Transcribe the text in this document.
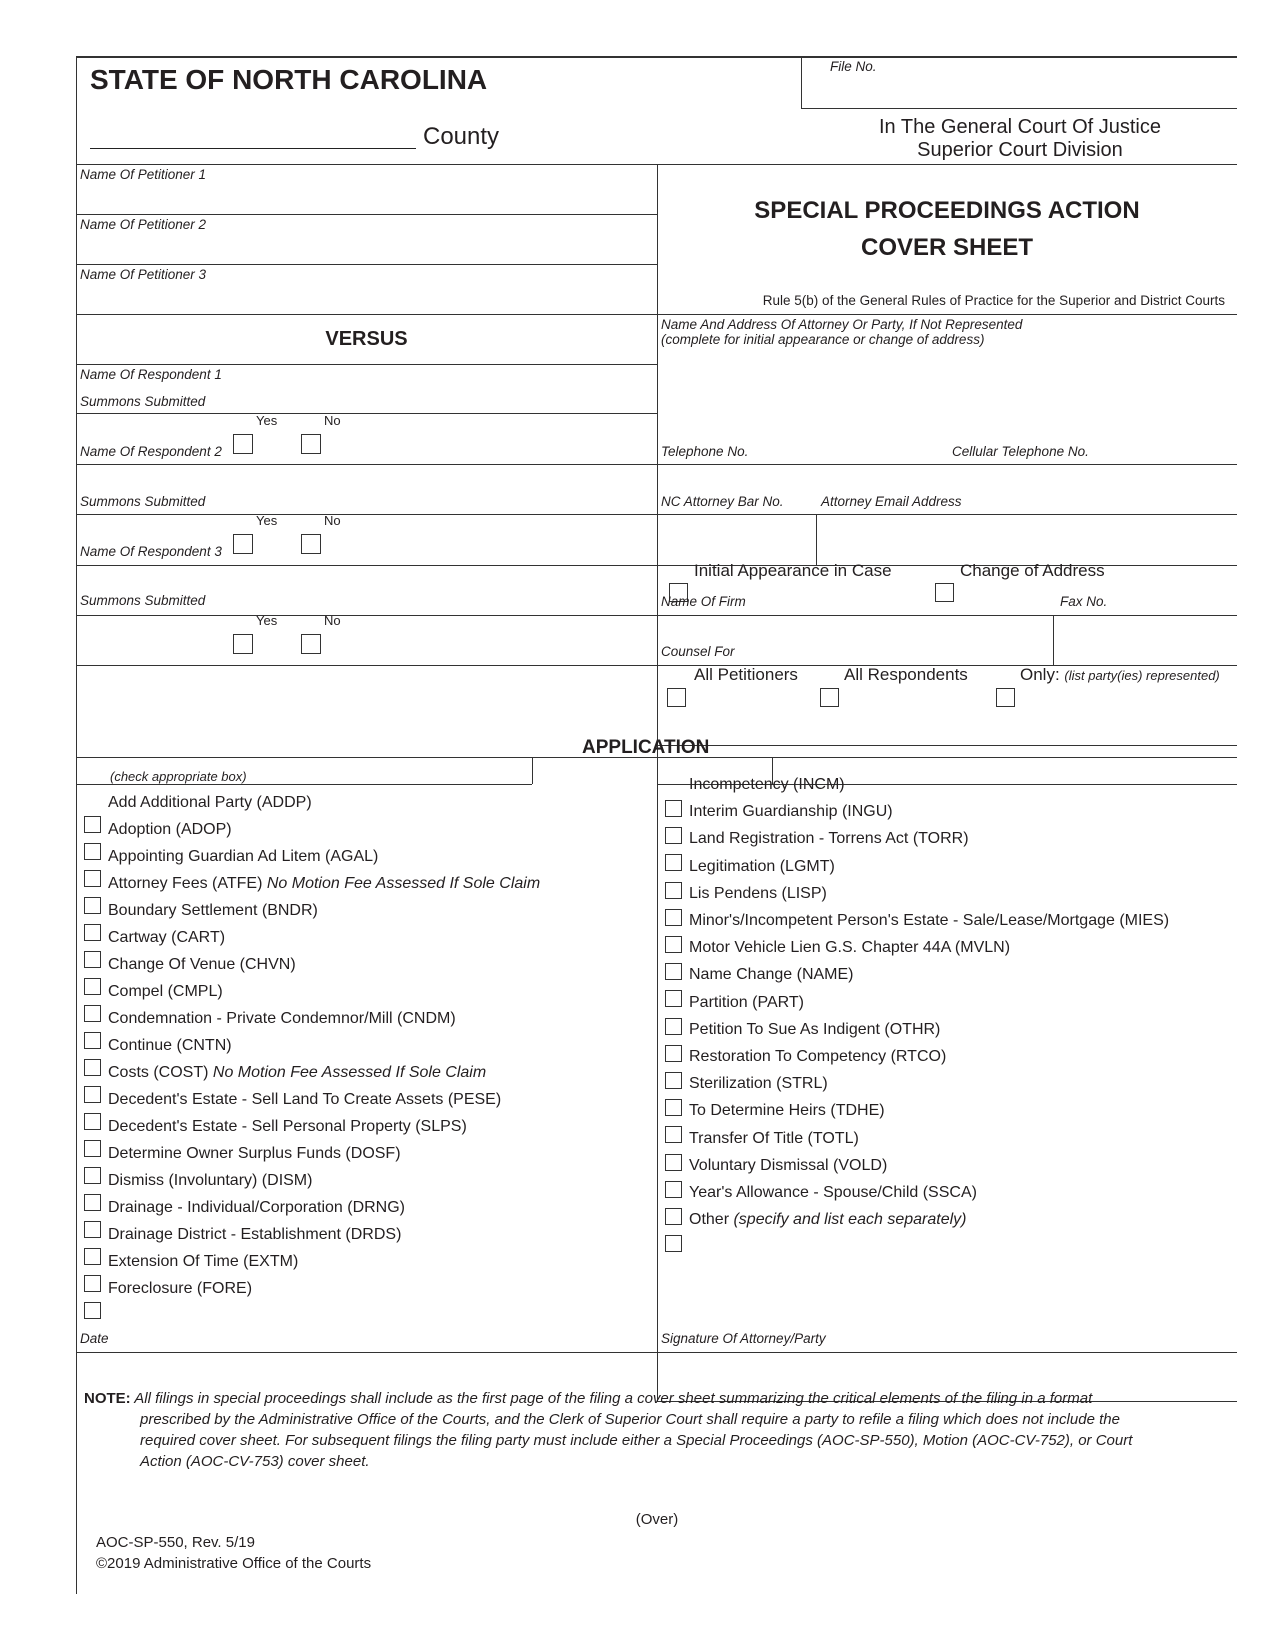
STATE OF NORTH CAROLINA
County
File No.
In The General Court Of Justice
Superior Court Division
SPECIAL PROCEEDINGS ACTION
COVER SHEET
Rule 5(b) of the General Rules of Practice for the Superior and District Courts
Name Of Petitioner 1
Name Of Petitioner 2
Name Of Petitioner 3
VERSUS
Name Of Respondent 1
Summons Submitted
Yes	No
Name Of Respondent 2
Summons Submitted
Yes	No
Name Of Respondent 3
Summons Submitted
Yes	No
Name And Address Of Attorney Or Party, If Not Represented
(complete for initial appearance or change of address)
Telephone No.	Cellular Telephone No.
NC Attorney Bar No.	Attorney Email Address
Initial Appearance in Case	Change of Address
Name Of Firm	Fax No.
Counsel For
All Petitioners	All Respondents	Only: (list party(ies) represented)
APPLICATION
(check appropriate box)
Add Additional Party (ADDP)
Adoption (ADOP)
Appointing Guardian Ad Litem (AGAL)
Attorney Fees (ATFE) No Motion Fee Assessed If Sole Claim
Boundary Settlement (BNDR)
Cartway (CART)
Change Of Venue (CHVN)
Compel (CMPL)
Condemnation - Private Condemnor/Mill (CNDM)
Continue (CNTN)
Costs (COST) No Motion Fee Assessed If Sole Claim
Decedent's Estate - Sell Land To Create Assets (PESE)
Decedent's Estate - Sell Personal Property (SLPS)
Determine Owner Surplus Funds (DOSF)
Dismiss (Involuntary) (DISM)
Drainage - Individual/Corporation (DRNG)
Drainage District - Establishment (DRDS)
Extension Of Time (EXTM)
Foreclosure (FORE)
Incompetency (INCM)
Interim Guardianship (INGU)
Land Registration - Torrens Act (TORR)
Legitimation (LGMT)
Lis Pendens (LISP)
Minor's/Incompetent Person's Estate - Sale/Lease/Mortgage (MIES)
Motor Vehicle Lien G.S. Chapter 44A (MVLN)
Name Change (NAME)
Partition (PART)
Petition To Sue As Indigent (OTHR)
Restoration To Competency (RTCO)
Sterilization (STRL)
To Determine Heirs (TDHE)
Transfer Of Title (TOTL)
Voluntary Dismissal (VOLD)
Year's Allowance - Spouse/Child (SSCA)
Other (specify and list each separately)
Date	Signature Of Attorney/Party
NOTE: All filings in special proceedings shall include as the first page of the filing a cover sheet summarizing the critical elements of the filing in a format
prescribed by the Administrative Office of the Courts, and the Clerk of Superior Court shall require a party to refile a filing which does not include the
required cover sheet. For subsequent filings the filing party must include either a Special Proceedings (AOC-SP-550), Motion (AOC-CV-752), or Court
Action (AOC-CV-753) cover sheet.
(Over)
AOC-SP-550, Rev. 5/19
©2019 Administrative Office of the Courts
